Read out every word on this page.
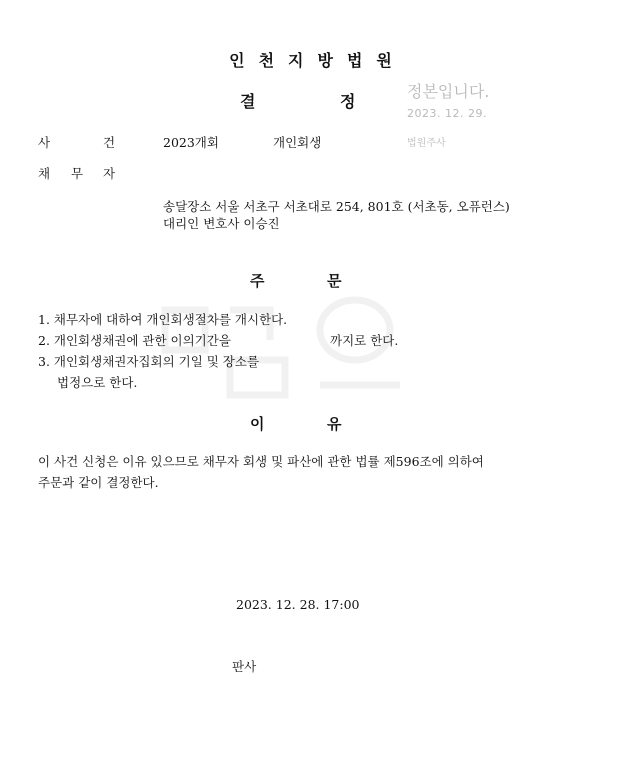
인천지방법원
결	정
정본입니다.
2023. 12. 29.
법원주사
사	건	2023개회	개인회생
채 무 자
송달장소 서울 서초구 서초대로 254, 801호 (서초동, 오퓨런스)
대리인 변호사 이승진
주	문
1. 채무자에 대하여 개인회생절차를 개시한다.
2. 개인회생채권에 관한 이의기간을	까지로 한다.
3. 개인회생채권자집회의 기일 및 장소를
법정으로 한다.
이	유
이 사건 신청은 이유 있으므로 채무자 회생 및 파산에 관한 법률 제596조에 의하여
주문과 같이 결정한다.
2023. 12. 28. 17:00
판사
